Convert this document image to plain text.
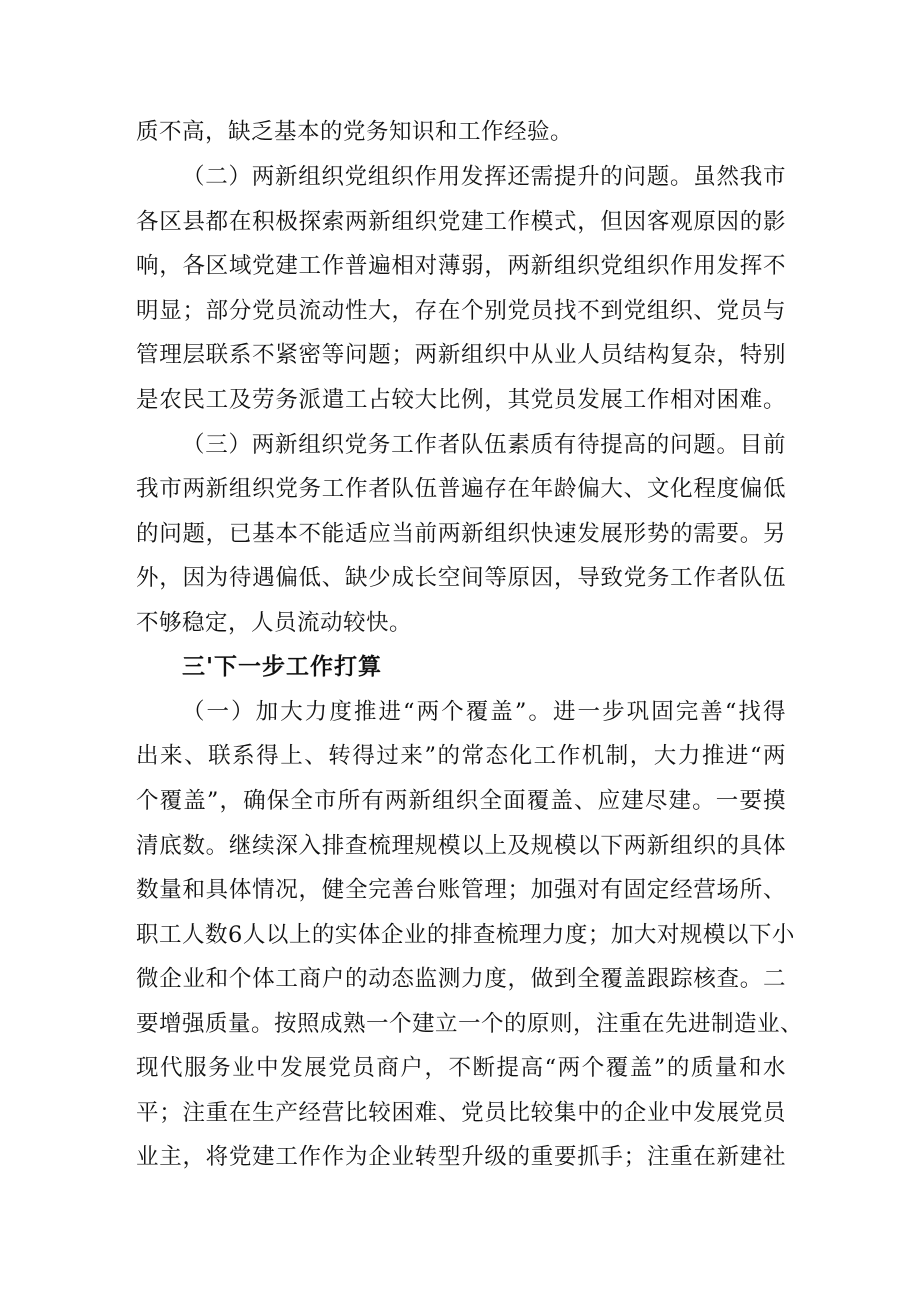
质不高，缺乏基本的党务知识和工作经验。
（二）两新组织党组织作用发挥还需提升的问题。虽然我市
各区县都在积极探索两新组织党建工作模式，但因客观原因的影
响，各区域党建工作普遍相对薄弱，两新组织党组织作用发挥不
明显；部分党员流动性大，存在个别党员找不到党组织、党员与
管理层联系不紧密等问题；两新组织中从业人员结构复杂，特别
是农民工及劳务派遣工占较大比例，其党员发展工作相对困难。
（三）两新组织党务工作者队伍素质有待提高的问题。目前
我市两新组织党务工作者队伍普遍存在年龄偏大、文化程度偏低
的问题，已基本不能适应当前两新组织快速发展形势的需要。另
外，因为待遇偏低、缺少成长空间等原因，导致党务工作者队伍
不够稳定，人员流动较快。
三'下一步工作打算
（一）加大力度推进“两个覆盖”。进一步巩固完善“找得
出来、联系得上、转得过来”的常态化工作机制，大力推进“两
个覆盖”，确保全市所有两新组织全面覆盖、应建尽建。一要摸
清底数。继续深入排查梳理规模以上及规模以下两新组织的具体
数量和具体情况，健全完善台账管理；加强对有固定经营场所、
职工人数6人以上的实体企业的排查梳理力度；加大对规模以下小
微企业和个体工商户的动态监测力度，做到全覆盖跟踪核查。二
要增强质量。按照成熟一个建立一个的原则，注重在先进制造业、
现代服务业中发展党员商户，不断提高“两个覆盖”的质量和水
平；注重在生产经营比较困难、党员比较集中的企业中发展党员
业主，将党建工作作为企业转型升级的重要抓手；注重在新建社
